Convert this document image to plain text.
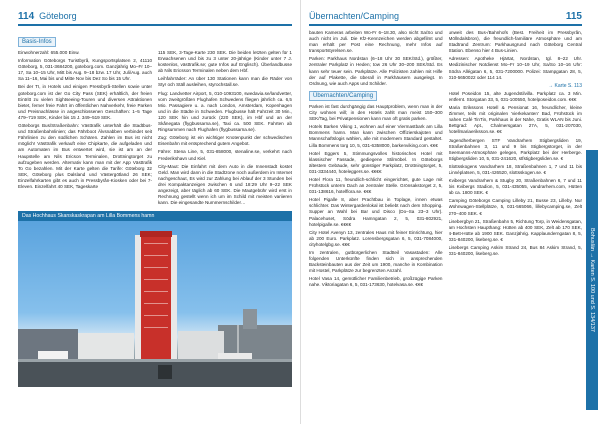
114 Göteborg
Basis-Infos

Einwohnerzahl: 655.000 Einw.

Information Göteborgs Turistbyrå, Kungsportsplatsen 2, 41110 Göteborg, 5, 031-3684200, goteborg.com. Ganzjährig Mo–Fr 10–17, Sa 10–15 Uhr, Mitt bis Aug. 9–18 bzw. 17 Uhr, Juli/Aug. auch Sa 11–16, Mai bis und Mitte Nov bis Dez So bis 15 Uhr.

Bei der TI, in Hotels und einigen Pressbyrå-Stellen sowie unter goteborg.com ist der Go City Pass (SEK) erhältlich, der freien Eintritt zu vielen Sightseeing-Touren und diversen Attraktionen bietet, ferner freie Fahrt im öffentlichen Nahverkehr, freie Parken und Preisnachlässe in angeschlossenen Geschäften: 1–5 Tage 479–719 SEK, Kinder bis 15 J. 349–519 SEK.

Göteborgs Bus/Straßenbahn: Västtrafik unterhält die Stadtbus- und Straßenbahnlinien; das Fährboot Älvsnabben verbindet seit Fährlinien zu den südlichen Schären. Zahlen im Bus ist nicht möglich! Västtrafik verkauft eine Chipkarte, die aufgeladen und am Automaten im Bus entwertet wird, sie ist am an der Haupstelle am Nils Ericson Terminalen, Drottningtorget zu aufzugeben werden. Alternativ kann man mit der App Västtrafik To Go bezahlen. Mit der Karte gelten die Tarife: Göteborg 32 SEK, Göteborg plus Dalsland und Västergötland 26 SEK; Einzelfahrkarten gibt es auch in Pressbyrån-Kiosken oder bei 7-Eleven. Einzelfahrt 40 SEK, Tageskarte

115 SEK, 3-Tage-Karte 230 SEK. Die beiden letzten gelten für 1 Erwachsenen und bis zu 3 unter 20-jährige (Kinder unter 7 J. kostenlos, västtrafik.se; gute Infos auf Englisch). Überlandbusse ab Nils Ericsson Terminalen neben dem Hbf.

Leihfahrräder: An über 130 Stationen kann man die Räder von Styr och Ställ ausleihen, styrochstall.se.

Flug: Landvetter Airport, 5, 010-1093100, swedavia.se/landvetter, vom zweitgrößten Flughafen Schwedens fliegen jährlich ca. 6,5 Mio. Passagiere u. a. nach London, Amsterdam, Kopenhagen und in die Städte in Schweden. Flugbusse hält Fahrzeit 30 Min., 120 SEK hin und zurück (220 SEK), im Hbf und an der Skånegata (flygbussarna.se), Taxi ca. 500 SEK. Fahrten ab Ringsummen nach Flughafen (flygbussarna.se).

Zug: Göteborg ist ein wichtiger Knotenpunkt der schwedischen Eisenbahn mit entsprechend gutem Angebot.

Fähre: Stena Line, 5, 031-858000, stenaline.se, verkehrt nach Frederikshavn und Kiel.

City-Maut: Die Einfahrt mit dem Auto in die Innenstadt kostet Geld. Man wird dann in die Stadtzone noch außerdem im Internet nachgeschaut, Es wird zur Zahlung bei Ablauf der 3 Stunden bei drei Kompaktanzeigen zwischen 6 und 18:29 Uhr 9–22 SEK angezeigt, aber täglich ab 60 SEK. Die Mautgebühr wird erst in Rechnung gestellt wenn ich um im Schild mit meisten variieren kann. Die eingesandte Nummernschilder…

Das Hochhaus Skanskaskrapan am Lilla Bommens hamn
Übernachten/Camping	115

bauten Kameras arbeiten Wo-Fr 6–18.30, also nicht Sa/So und auch nicht im Juli. Die Kfz-Kennzeichen werden abgefilmt und man erhält per Post eine Rechnung, mehr Infos auf transportstyrelsen.se.

Parken: Parkhaus Nordstan (6–18 Uhr 30 SEK/Std.), größter, zentraler Parkplatz in Heden; tow 26 Uhr 30–200 SEK/Std. Es kann sehr teuer sein. Parkplätze. Alle Polizisten zahlen mit Hilfe der auf Plakette, die überall in Parkhäusern ausgelegt. In Ordnung, wie auch Apps und Schilder.

Übernachten/Camping

Parken ist fast durchgängig das Hauptproblem, wenn man in der City wohnen will; in den Hotels zahlt man meist 150–300 SEK/Tag, bei Privatpensionen kann man oft gratis parken.

Hotels Barken Viking 1, wohnen auf einer Viermastbark am Lilla Bommens hamn. Man kann zwischen Offizierskajüten und Mannschaftslogis wählen, alle mit modernem Standard gestaltet. Lilla Bommens torg 10, 5, 031-6358000, barkenviking.com. €€€

Hotel Eggers 5, Stimmungsvolles historisches Hotel mit klassischer Fassade, gediegene Stilmöbel. In Göteborgs ältestem Gebäude, sehr günstiger Parkplatz, Drottningtorget, 5, 031-3334440, hoteleggers.se. €€€€

Hotel Flora 11, freundlich-schlicht eingerichtet, gute Lage mit Frühstück unterm Dach an zentraler Stelle. Grönsakstorget 2, 5, 031-138616, hotelflora.se. €€€

Hotel Pigalle 8, aber Prachtbau in Toplage, innen etwas schlichter. Das Wintergardenlokal ist beliebt nach dem Shopping. Supper an Wahl bei Bar und Disco (Do–Sa 23–3 Uhr). Palacehuset, Södra Hamngatan 2, 5, 031-802921, hotelpigalle.se. €€€€

City Hotel Avenyn 13, zentrales Haus mit feiner Einrichtung, hier ab 200 Euro. Parkplatz. Lorensbergsgatan 6, 5, 031-7084000, cityhotelgbg.se. €€€

Im zentralen, gutbürgerlichen Stadtteil Vasastaden: Alle folgenden Unterkünfte finden sich in ansprechenden Backsteinbauten aus der Zeit um 1900, manche in Kombination mit Hostel, Parkplätze zur begrenzten Anzahl.

Hotel Vasa 14, gemütlicher Familienbetrieb, großzügige Parken nahe. Viktoriagatan 6, 5, 031-173630, hotelvasa.se. €€€

unweit des Bus-/Bahnhofs (Best. Freiheit im Pressbyrån, Möllndalsbron), die freundlich-familiäre Atmosphäre und am Stadtrand Zentrum: Parkhausgrund nach Göteborg Central Station. Ebenso hier 4 Bus-Linien.

Adressen: Apotheke Hjärtat, Nordstan, tgl. 8–22 Uhr. Medizinischer Notdienst Mo–Fr 10–19 Uhr, Sa/So 10–16 Uhr: Södra Allégatan 6, 5, 031-7200000. Polizei: Stampgatan 28, 5, 010-5650022 oder 114 14.

→ Karte S. 113

Hotel Poseidon 15, alte Jugendstilvilla. Parkplatz ca. 3 Min. entfernt. Storgatan 33, 5, 031-100550, hotelposeidon.com. €€€

Maria Erikssons Hotell & Pensionat 16, freundlicher, kleine Zimmer, teils mit originalen 'vierkekanten' Bad, Frühstück im nahen Café TinTin, Parkhaus in der Nähe, Gratis WLAN bis Juni. Bettgrad: Apt., Chalmersgatan 27A, 5, 031-207030, hotellmariaeriksson.se. €€

Jugendherbergen STF Vandrarhem Stigbergsliden 19, Straßenbahnen 3, 11 und 9 bis Stigbergstorget, in der Seemanns-Atmosphäre gelegen, Parkplatz bei der Herberge. Stigbergsliden 10, 5, 031-241620, stfstigbergsliden.se. €

Slottsskogens Vandrarhem 18, Straßenbahnen 1, 7 und 11 bis Linnéplatsen, 5, 031-426520, slottsskogen.se. €

Kvibergs Vandrarhem & Stugby 20, Straßenbahnen 6, 7 und 11 bis Kvibergs Stadion, 5, 031-435055, vandrarhem.com, Hütten ab ca. 1800 SEK. €

Camping Göteborgs Camping Lilleby 21, Busse 23, Lilleby. Nur Wohnwagen-Stellplätze, 5, 031-565066, lillebycamping.se, Zelt 270–400 SEK. €

Lisebergbyn 21, Straßenbahn 5, Richtung Torp, in Weidensgatan, am Hochsten Haupthang: Hütten ab 400 SEK, Zelt ab 170 SEK, 4-Bett-Hütte ab 1900 SEK. Ganzjährig. Kapplaunderngatan 8, 5, 031-840200, liseberg.se. €

Lisebergs Camping Askim Strand 24, Bus 84 Askim Strand, 5, 031-840200, liseberg.se.	Bohuslän → Karten S. 100 und S. 134/137
